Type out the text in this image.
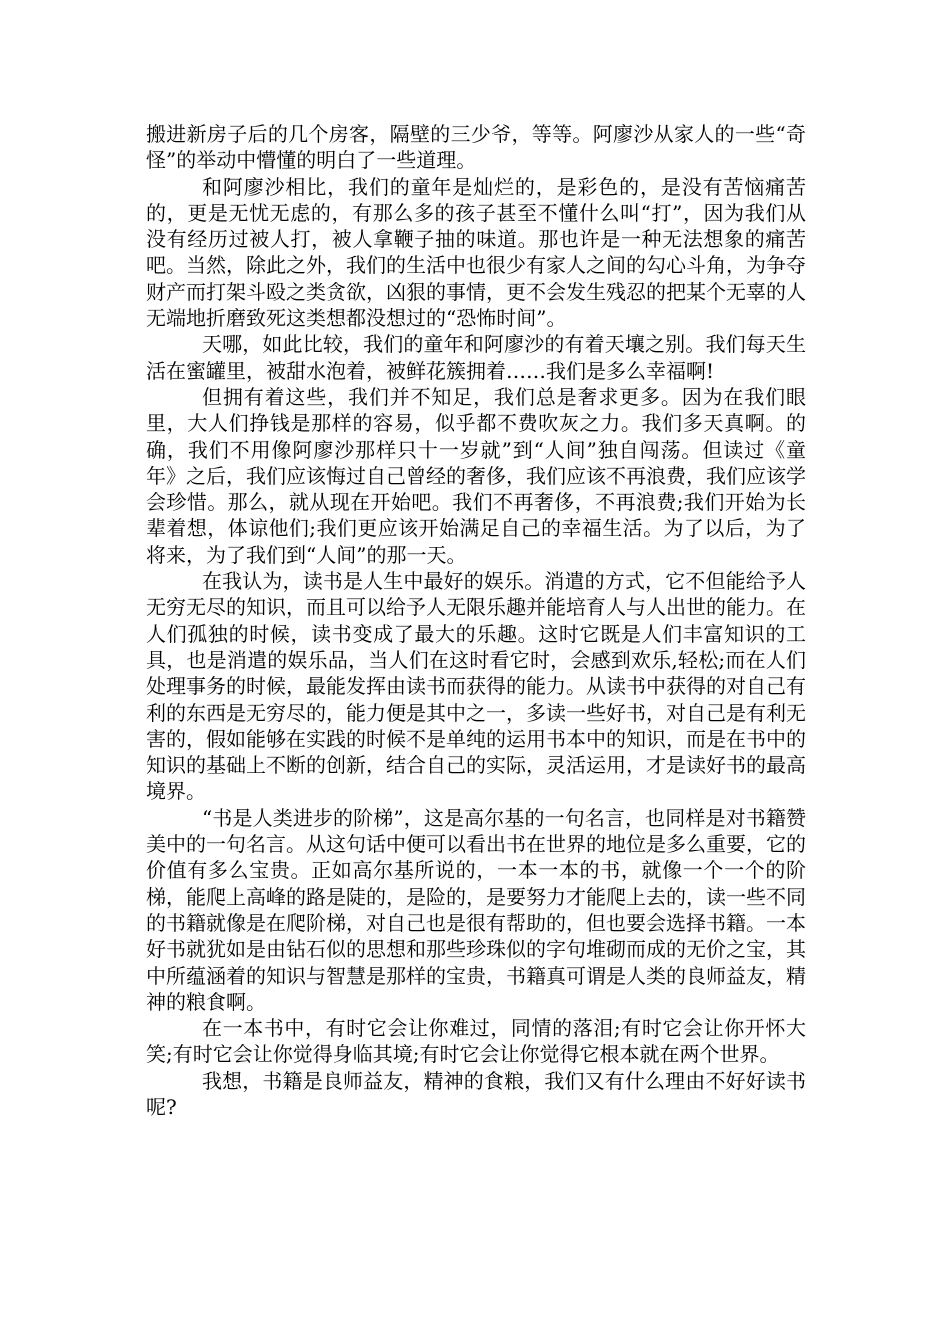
搬进新房子后的几个房客，隔壁的三少爷，等等。阿廖沙从家人的一些“奇怪”的举动中懵懂的明白了一些道理。

和阿廖沙相比，我们的童年是灿烂的，是彩色的，是没有苦恼痛苦的，更是无忧无虑的，有那么多的孩子甚至不懂什么叫“打”，因为我们从没有经历过被人打，被人拿鞭子抽的味道。那也许是一种无法想象的痛苦吧。当然，除此之外，我们的生活中也很少有家人之间的勾心斗角，为争夺财产而打架斗殴之类贪欲，凶狠的事情，更不会发生残忍的把某个无辜的人无端地折磨致死这类想都没想过的“恐怖时间”。

天哪，如此比较，我们的童年和阿廖沙的有着天壤之别。我们每天生活在蜜罐里，被甜水泡着，被鲜花簇拥着……我们是多么幸福啊!

但拥有着这些，我们并不知足，我们总是奢求更多。因为在我们眼里，大人们挣钱是那样的容易，似乎都不费吹灰之力。我们多天真啊。的确，我们不用像阿廖沙那样只十一岁就”到“人间”独自闯荡。但读过《童年》之后，我们应该悔过自己曾经的奢侈，我们应该不再浪费，我们应该学会珍惜。那么，就从现在开始吧。我们不再奢侈，不再浪费;我们开始为长辈着想，体谅他们;我们更应该开始满足自己的幸福生活。为了以后，为了将来，为了我们到“人间”的那一天。

在我认为，读书是人生中最好的娱乐。消遣的方式，它不但能给予人无穷无尽的知识，而且可以给予人无限乐趣并能培育人与人出世的能力。在人们孤独的时候，读书变成了最大的乐趣。这时它既是人们丰富知识的工具，也是消遣的娱乐品，当人们在这时看它时，会感到欢乐,轻松;而在人们处理事务的时候，最能发挥由读书而获得的能力。从读书中获得的对自己有利的东西是无穷尽的，能力便是其中之一，多读一些好书，对自己是有利无害的，假如能够在实践的时候不是单纯的运用书本中的知识，而是在书中的知识的基础上不断的创新，结合自己的实际，灵活运用，才是读好书的最高境界。

“书是人类进步的阶梯”，这是高尔基的一句名言，也同样是对书籍赞美中的一句名言。从这句话中便可以看出书在世界的地位是多么重要，它的价值有多么宝贵。正如高尔基所说的，一本一本的书，就像一个一个的阶梯，能爬上高峰的路是陡的，是险的，是要努力才能爬上去的，读一些不同的书籍就像是在爬阶梯，对自己也是很有帮助的，但也要会选择书籍。一本好书就犹如是由钻石似的思想和那些珍珠似的字句堆砌而成的无价之宝，其中所蕴涵着的知识与智慧是那样的宝贵，书籍真可谓是人类的良师益友，精神的粮食啊。

在一本书中，有时它会让你难过，同情的落泪;有时它会让你开怀大笑;有时它会让你觉得身临其境;有时它会让你觉得它根本就在两个世界。

我想，书籍是良师益友，精神的食粮，我们又有什么理由不好好读书呢?
